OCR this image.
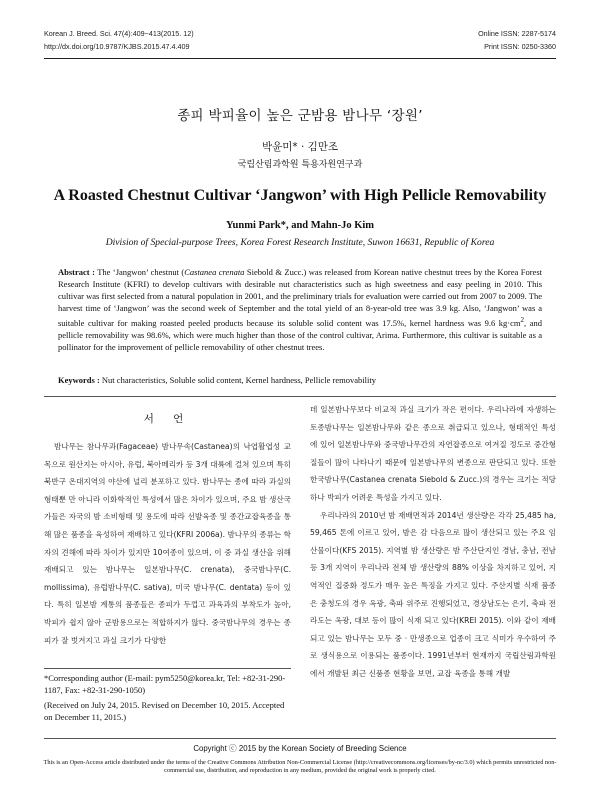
Korean J. Breed. Sci. 47(4):409~413(2015. 12)
http://dx.doi.org/10.9787/KJBS.2015.47.4.409
Online ISSN: 2287-5174
Print ISSN: 0250-3360
종피 박피율이 높은 군밤용 밤나무 ‘장원’
박윤미* · 김만조
국립산림과학원 특용자원연구과
A Roasted Chestnut Cultivar ‘Jangwon’ with High Pellicle Removability
Yunmi Park*, and Mahn-Jo Kim
Division of Special-purpose Trees, Korea Forest Research Institute, Suwon 16631, Republic of Korea
Abstract : The ‘Jangwon’ chestnut (Castanea crenata Siebold & Zucc.) was released from Korean native chestnut trees by the Korea Forest Research Institute (KFRI) to develop cultivars with desirable nut characteristics such as high sweetness and easy peeling in 2010. This cultivar was first selected from a natural population in 2001, and the preliminary trials for evaluation were carried out from 2007 to 2009. The harvest time of ‘Jangwon’ was the second week of September and the total yield of an 8-year-old tree was 3.9 kg. Also, ‘Jangwon’ was a suitable cultivar for making roasted peeled products because its soluble solid content was 17.5%, kernel hardness was 9.6 $kg\cdot cm^2$, and pellicle removability was 98.6%, which were much higher than those of the control cultivar, Arima. Furthermore, this cultivar is suitable as a pollinator for the improvement of pellicle removability of other chestnut trees.
Keywords : Nut characteristics, Soluble solid content, Kernel hardness, Pellicle removability
서 언

밤나무는 참나무과(Fagaceae) 밤나무속(Castanea)의 낙엽활엽성 교목으로 원산지는 아시아, 유럽, 북아메리카 등 3개 대륙에 걸쳐 있으며 특히 북반구 온대지역의 야산에 널리 분포하고 있다. 밤나무는 종에 따라 과실의 형태뿐 만 아니라 이화학적인 특성에서 많은 차이가 있으며, 주요 밤 생산국가들은 자국의 밤 소비형태 및 용도에 따라 선발육종 및 종간교잡육종을 통해 많은 품종을 육성하여 재배하고 있다(KFRI 2006a). 밤나무의 종류는 학자의 견해에 따라 차이가 있지만 10여종이 있으며, 이 중 과실 생산을 위해 재배되고 있는 밤나무는 일본밤나무(C. crenata), 중국밤나무(C. mollissima), 유럽밤나무(C. sativa), 미국 밤나무(C. dentata) 등이 있다. 특히 일본밤 계통의 품종들은 종피가 두껍고 과육과의 부착도가 높아, 박피가 쉽지 않아 군밤용으로는 적합하지가 않다. 중국밤나무의 경우는 종피가 잘 벗겨지고 과실 크기가 다양한

데 일본밤나무보다 비교적 과실 크기가 작은 편이다. 우리나라에 자생하는 토종밤나무는 일본밤나무와 같은 종으로 취급되고 있으나, 형태적인 특성에 있어 일본밤나무와 중국밤나무간의 자연잡종으로 여겨질 정도로 중간형질들이 많이 나타나기 때문에 일본밤나무의 변종으로 판단되고 있다. 또한 한국밤나무(Castanea crenata Siebold & Zucc.)의 경우는 크기는 적당하나 박피가 어려운 특성을 가지고 있다.

우리나라의 2010년 밤 재배면적과 2014년 생산량은 각각 25,485 ha, 59,465 톤에 이르고 있어, 밤은 감 다음으로 많이 생산되고 있는 주요 임산물이다(KFS 2015). 지역별 밤 생산량은 밤 주산단지인 경남, 충남, 전남 등 3개 지역이 우리나라 전체 밤 생산량의 88% 이상을 차지하고 있어, 지역적인 집중화 정도가 매우 높은 특징을 가지고 있다. 주산지별 식재 품종은 충청도의 경우 옥광, 축파 위주로 진행되었고, 경상남도는 은기, 축파 전라도는 옥광, 대보 등이 많이 식재 되고 있다(KREI 2015). 이와 같이 재배되고 있는 밤나무는 모두 중 · 만생종으로 업종이 크고 식미가 우수하여 주로 생식용으로 이용되는 품종이다. 1991년부터 현재까지 국립산림과학원에서 개발된 최근 신품종 현황을 보면, 교잡 육종을 통해 개발

*Corresponding author (E-mail: pym5250@korea.kr, Tel: +82-31-290-1187, Fax: +82-31-290-1050)
(Received on July 24, 2015. Revised on December 10, 2015. Accepted on December 11, 2015.)
Copyright ⓒ 2015 by the Korean Society of Breeding Science
This is an Open-Access article distributed under the terms of the Creative Commons Attribution Non-Commercial License (http://creativecommons.org/licenses/by-nc/3.0) which permits unrestricted non-commercial use, distribution, and reproduction in any medium, provided the original work is properly cited.
